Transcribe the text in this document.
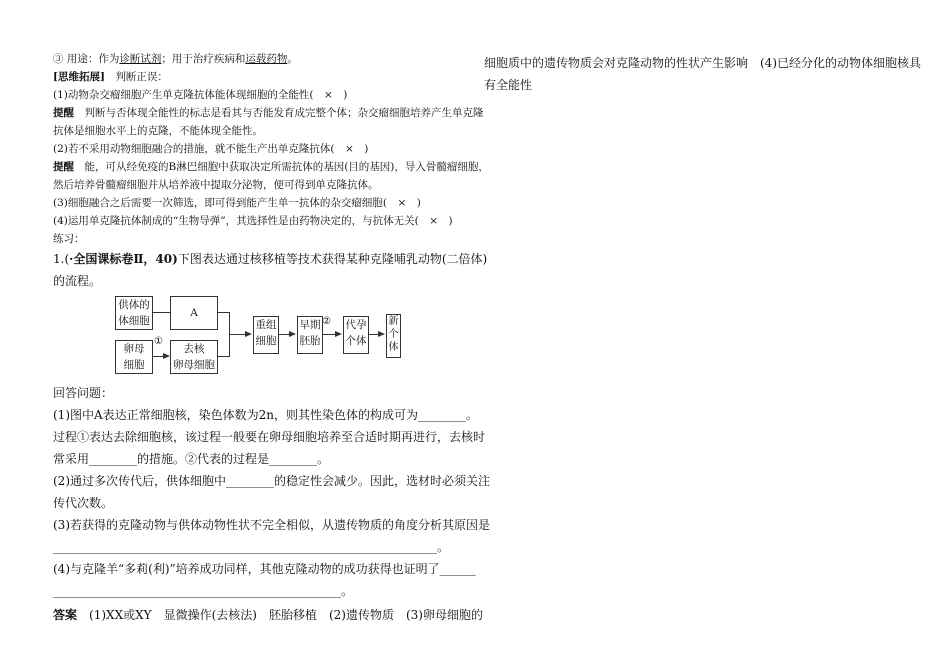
③ 用途：作为诊断试剂；用于治疗疾病和运载药物。
[思维拓展]　 判断正误：
(1)动物杂交瘤细胞产生单克隆抗体能体现细胞的全能性(　×　)
提醒　 判断与否体现全能性的标志是看其与否能发育成完整个体；杂交瘤细胞培养产生单克隆
抗体是细胞水平上的克隆，不能体现全能性。
(2)若不采用动物细胞融合的措施，就不能生产出单克隆抗体(　×　)
提醒　 能，可从经免疫的B淋巴细胞中获取决定所需抗体的基因(目的基因)，导入骨髓瘤细胞，
然后培养骨髓瘤细胞并从培养液中提取分泌物，便可得到单克隆抗体。
(3)细胞融合之后需要一次筛选，即可得到能产生单一抗体的杂交瘤细胞(　×　)
(4)运用单克隆抗体制成的“生物导弹”，其选择性是由药物决定的，与抗体无关(　×　)
练习：
1.(·全国课标卷Ⅱ，40)下图表达通过核移植等技术获得某种克隆哺乳动物(二倍体)
的流程。
供体的
体细胞
A
卵母
细胞
①
去核
卵母细胞
重组
细胞
早期
胚胎
② 代孕
个体
新个体
回答问题：
(1)图中A表达正常细胞核，染色体数为2n，则其性染色体的构成可为________。
过程①表达去除细胞核，该过程一般要在卵母细胞培养至合适时期再进行，去核时
常采用________的措施。②代表的过程是________。
(2)通过多次传代后，供体细胞中________的稳定性会减少。因此，选材时必须关注
传代次数。
(3)若获得的克隆动物与供体动物性状不完全相似，从遗传物质的角度分析其原因是
________________________________________________________________。
(4)与克隆羊“多莉(利)”培养成功同样，其他克隆动物的成功获得也证明了______
________________________________________________。
答案　 (1)XX或XY　显微操作(去核法)　胚胎移植　(2)遗传物质　(3)卵母细胞的
细胞质中的遗传物质会对克隆动物的性状产生影响　(4)已经分化的动物体细胞核具
有全能性
